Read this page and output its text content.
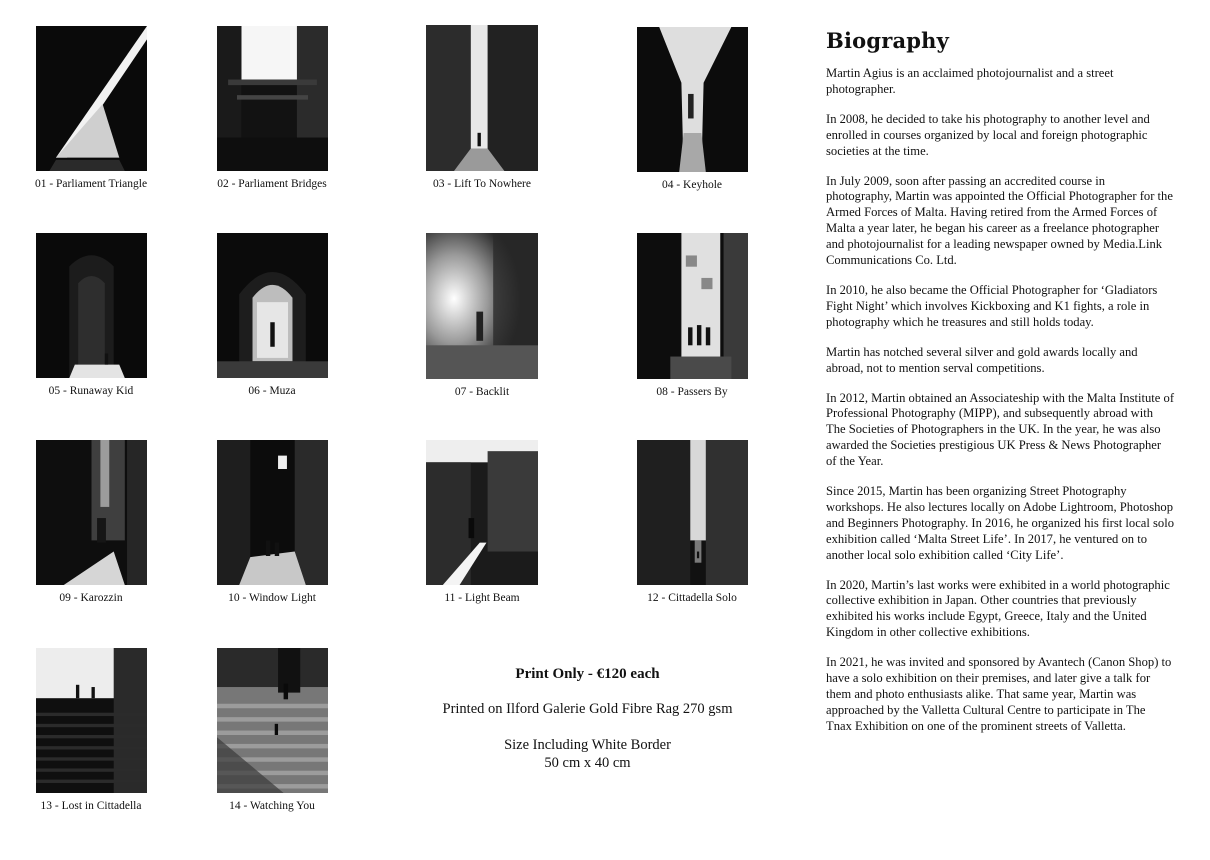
01 - Parliament Triangle	02 - Parliament Bridges	03 - Lift To Nowhere	04 - Keyhole
05 - Runaway Kid	06 - Muza	07 - Backlit	08 - Passers By
09 - Karozzin	10 - Window Light	11 - Light Beam	12 - Cittadella Solo
13 - Lost in Cittadella	14 - Watching You
Print Only - €120 each
Printed on Ilford Galerie Gold Fibre Rag 270 gsm
Size Including White Border
50 cm x 40 cm
Biography

Martin Agius is an acclaimed photojournalist and a street photographer.

In 2008, he decided to take his photography to another level and enrolled in courses organized by local and foreign photographic societies at the time.

In July 2009, soon after passing an accredited course in photography, Martin was appointed the Official Photographer for the Armed Forces of Malta. Having retired from the Armed Forces of Malta a year later, he began his career as a freelance photographer and photojournalist for a leading newspaper owned by Media.Link Communications Co. Ltd.

In 2010, he also became the Official Photographer for ‘Gladiators Fight Night’ which involves Kickboxing and K1 fights, a role in photography which he treasures and still holds today.

Martin has notched several silver and gold awards locally and abroad, not to mention serval competitions.

In 2012, Martin obtained an Associateship with the Malta Institute of Professional Photography (MIPP), and subsequently abroad with The Societies of Photographers in the UK. In the year, he was also awarded the Societies prestigious UK Press & News Photographer of the Year.

Since 2015, Martin has been organizing Street Photography workshops. He also lectures locally on Adobe Lightroom, Photoshop and Beginners Photography. In 2016, he organized his first local solo exhibition called ‘Malta Street Life’. In 2017, he ventured on to another local solo exhibition called ‘City Life’.

In 2020, Martin’s last works were exhibited in a world photographic collective exhibition in Japan. Other countries that previously exhibited his works include Egypt, Greece, Italy and the United Kingdom in other collective exhibitions.

In 2021, he was invited and sponsored by Avantech (Canon Shop) to have a solo exhibition on their premises, and later give a talk for them and photo enthusiasts alike. That same year, Martin was approached by the Valletta Cultural Centre to participate in The Tnax Exhibition on one of the prominent streets of Valletta.
